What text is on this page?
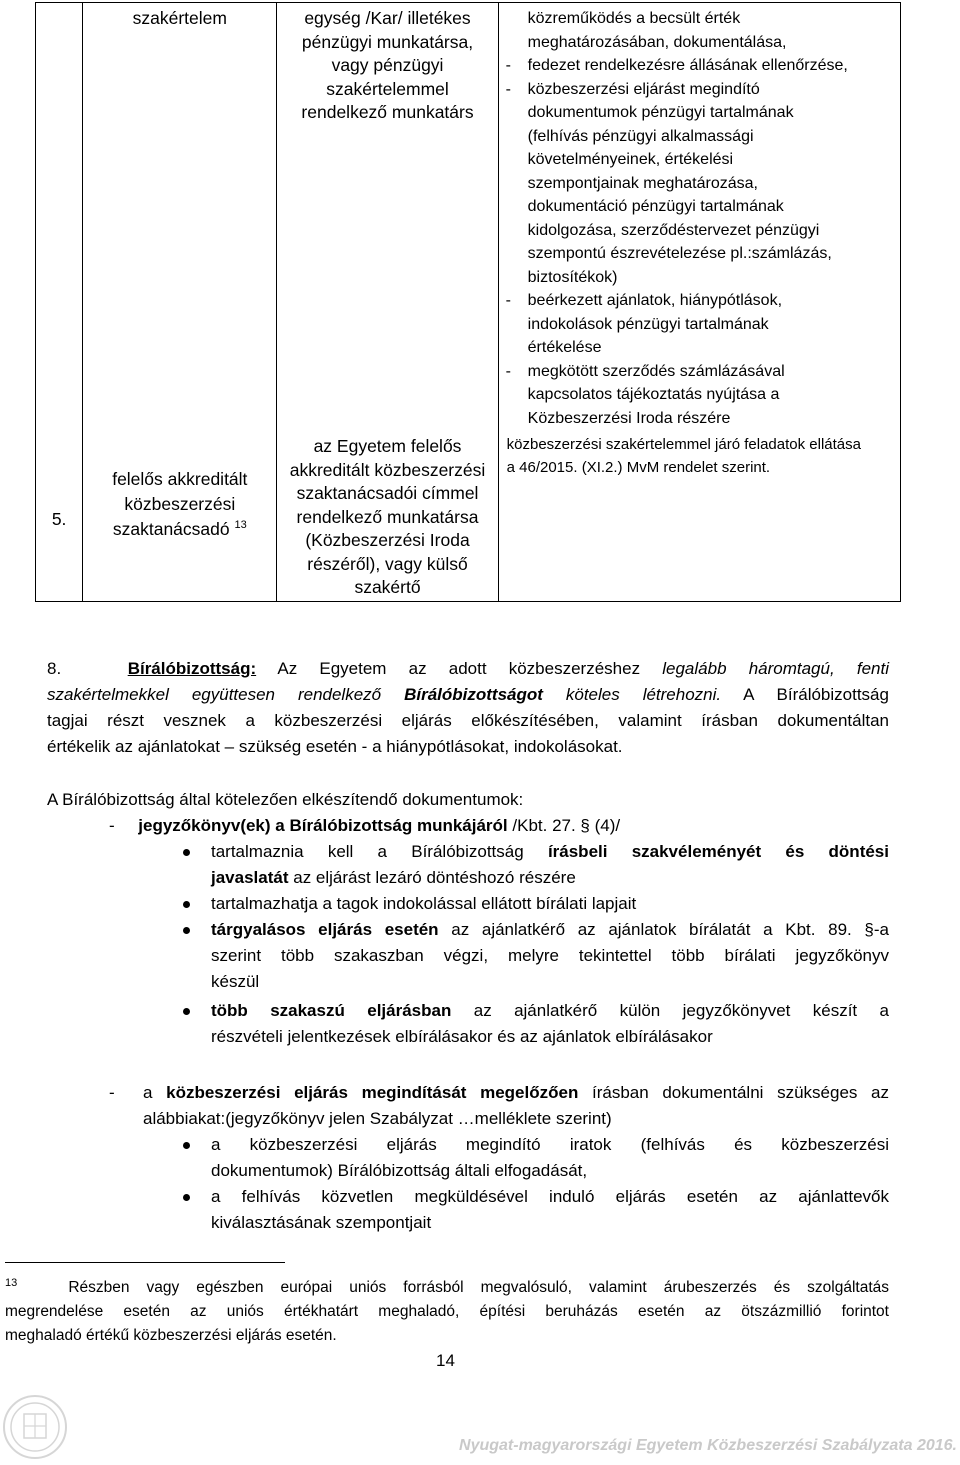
5.

szakértelem
felelős akkreditált
közbeszerzési
szaktanácsadó $^{13}$

egység /Kar/ illetékes
pénzügyi munkatársa,
vagy pénzügyi
szakértelemmel
rendelkező munkatárs
az Egyetem felelős
akkreditált közbeszerzési
szaktanácsadói címmel
rendelkező munkatársa
(Közbeszerzési Iroda
részéről), vagy külső
szakértő

közreműködés a becsült érték
meghatározásában, dokumentálása,
- fedezet rendelkezésre állásának ellenőrzése,
- közbeszerzési eljárást megindító
dokumentumok pénzügyi tartalmának
(felhívás pénzügyi alkalmassági
követelményeinek, értékelési
szempontjainak meghatározása,
dokumentáció pénzügyi tartalmának
kidolgozása, szerződéstervezet pénzügyi
szempontú észrevételezése pl.:számlázás,
biztosítékok)
- beérkezett ajánlatok, hiánypótlások,
indokolások pénzügyi tartalmának
értékelése
- megkötött szerződés számlázásával
kapcsolatos tájékoztatás nyújtása a
Közbeszerzési Iroda részére
közbeszerzési szakértelemmel járó feladatok ellátása
a 46/2015. (XI.2.) MvM rendelet szerint.
8.	Bírálóbizottság: Az Egyetem az adott közbeszerzéshez legalább háromtagú, fenti
szakértelmekkel együttesen rendelkező Bírálóbizottságot köteles létrehozni. A Bírálóbizottság
tagjai részt vesznek a közbeszerzési eljárás előkészítésében, valamint írásban dokumentáltan
értékelik az ajánlatokat – szükség esetén - a hiánypótlásokat, indokolásokat.
A Bírálóbizottság által kötelezően elkészítendő dokumentumok:
-     jegyzőkönyv(ek) a Bírálóbizottság munkájáról /Kbt. 27. § (4)/
tartalmaznia kell a Bírálóbizottság írásbeli szakvéleményét és döntési
javaslatát az eljárást lezáró döntéshozó részére
tartalmazhatja a tagok indokolással ellátott bírálati lapjait
tárgyalásos eljárás esetén az ajánlatkérő az ajánlatok bírálatát a Kbt. 89. §-a
szerint több szakaszban végzi, melyre tekintettel több bírálati jegyzőkönyv
készül
több szakaszú eljárásban az ajánlatkérő külön jegyzőkönyvet készít a
részvételi jelentkezések elbírálásakor és az ajánlatok elbírálásakor
- a közbeszerzési eljárás megindítását megelőzően írásban dokumentálni szükséges az
alábbiakat:(jegyzőkönyv jelen Szabályzat …melléklete szerint)
a közbeszerzési eljárás megindító iratok (felhívás és közbeszerzési
dokumentumok) Bírálóbizottság általi elfogadását,
a felhívás közvetlen megküldésével induló eljárás esetén az ajánlattevők
kiválasztásának szempontjait
$^{13}$	Részben vagy egészben európai uniós forrásból megvalósuló, valamint árubeszerzés és szolgáltatás
megrendelése esetén az uniós értékhatárt meghaladó, építési beruházás esetén az ötszázmillió forintot
meghaladó értékű közbeszerzési eljárás esetén.
14
Nyugat-magyarországi Egyetem Közbeszerzési Szabályzata 2016.
